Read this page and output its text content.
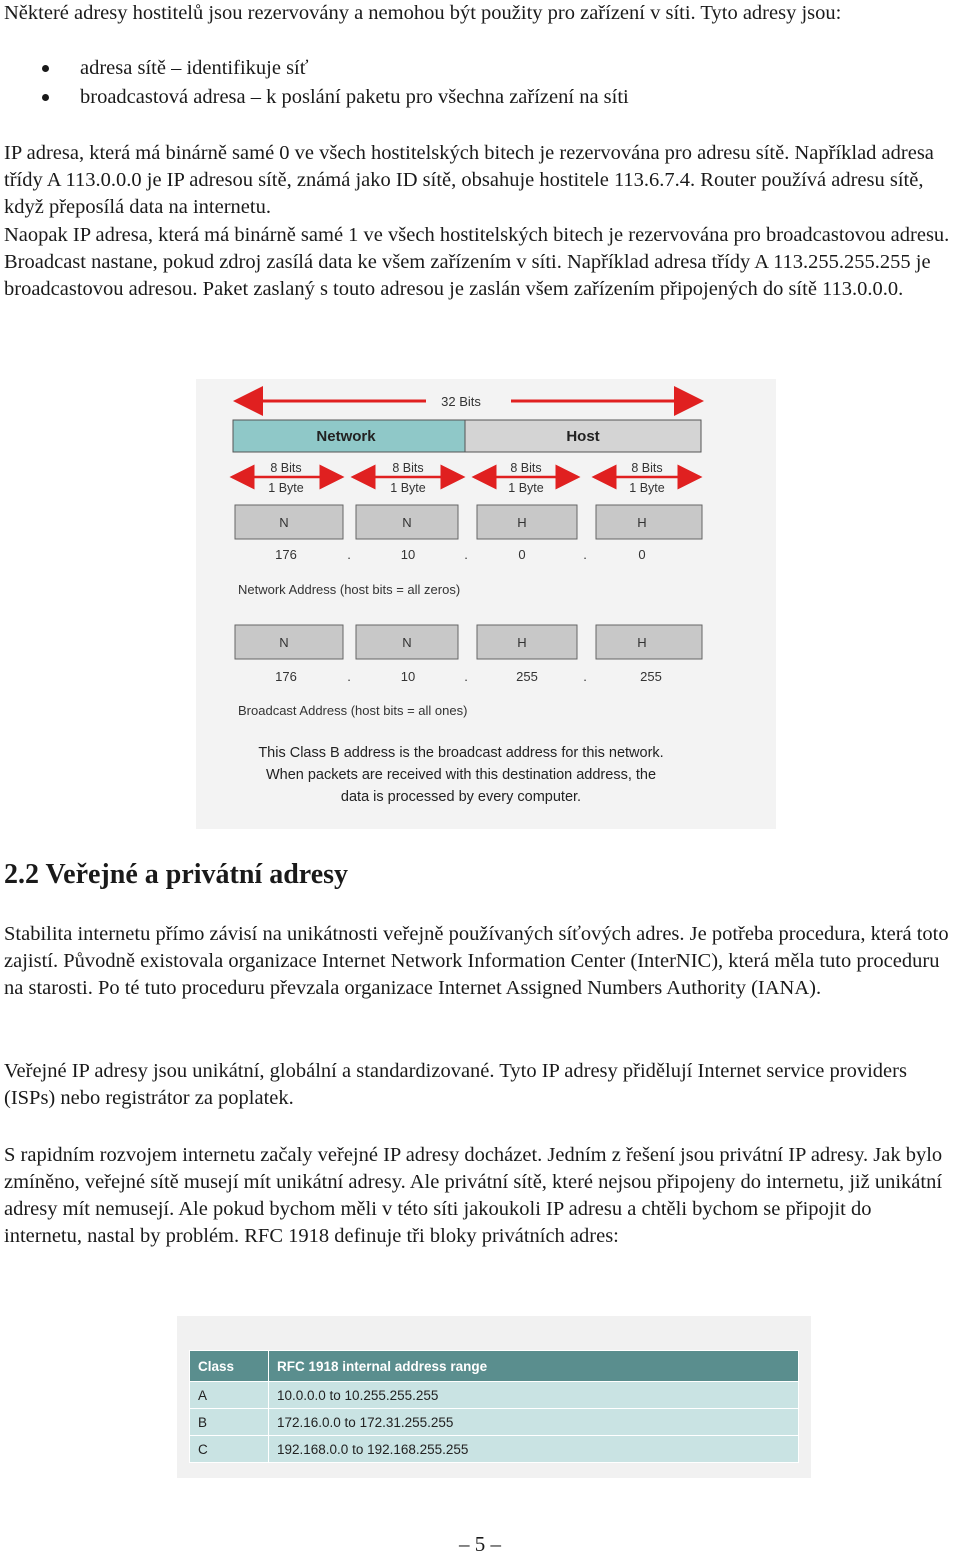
Některé adresy hostitelů jsou rezervovány a nemohou být použity pro zařízení v síti. Tyto adresy jsou:

adresa sítě – identifikuje síť
broadcastová adresa – k poslání paketu pro všechna zařízení na síti

IP adresa, která má binárně samé 0 ve všech hostitelských bitech je rezervována pro adresu sítě. Například adresa třídy A 113.0.0.0 je IP adresou sítě, známá jako ID sítě, obsahuje hostitele 113.6.7.4. Router používá adresu sítě, když přeposílá data na internetu.

Naopak IP adresa, která má binárně samé 1 ve všech hostitelských bitech je rezervována pro broadcastovou adresu. Broadcast nastane, pokud zdroj zasílá data ke všem zařízením v síti. Například adresa třídy A 113.255.255.255 je broadcastovou adresou. Paket zaslaný s touto adresou je zaslán všem zařízením připojených do sítě 113.0.0.0.

32 Bits
Network	Host
8 Bits
1 Byte
8 Bits
1 Byte
8 Bits
1 Byte
8 Bits
1 Byte
N	N	H	H
176	.	10	.	0	.	0
Network Address (host bits = all zeros)
N	N	H	H
176	.	10	.	255	.	255
Broadcast Address (host bits = all ones)
This Class B address is the broadcast address for this network.
When packets are received with this destination address, the
data is processed by every computer.
2.2 Veřejné a privátní adresy

Stabilita internetu přímo závisí na unikátnosti veřejně používaných síťových adres. Je potřeba procedura, která toto zajistí. Původně existovala organizace Internet Network Information Center (InterNIC), která měla tuto proceduru na starosti. Po té tuto proceduru převzala organizace Internet Assigned Numbers Authority (IANA).

Veřejné IP adresy jsou unikátní, globální a standardizované. Tyto IP adresy přidělují Internet service providers (ISPs) nebo registrátor za poplatek.

S rapidním rozvojem internetu začaly veřejné IP adresy docházet. Jedním z řešení jsou privátní IP adresy. Jak bylo zmíněno, veřejné sítě musejí mít unikátní adresy. Ale privátní sítě, které nejsou připojeny do internetu, již unikátní adresy mít nemusejí. Ale pokud bychom měli v této síti jakoukoli IP adresu a chtěli bychom se připojit do internetu, nastal by problém. RFC 1918 definuje tři bloky privátních adres:

Class	RFC 1918 internal address range
A	10.0.0.0 to 10.255.255.255
B	172.16.0.0 to 172.31.255.255
C	192.168.0.0 to 192.168.255.255
– 5 –
